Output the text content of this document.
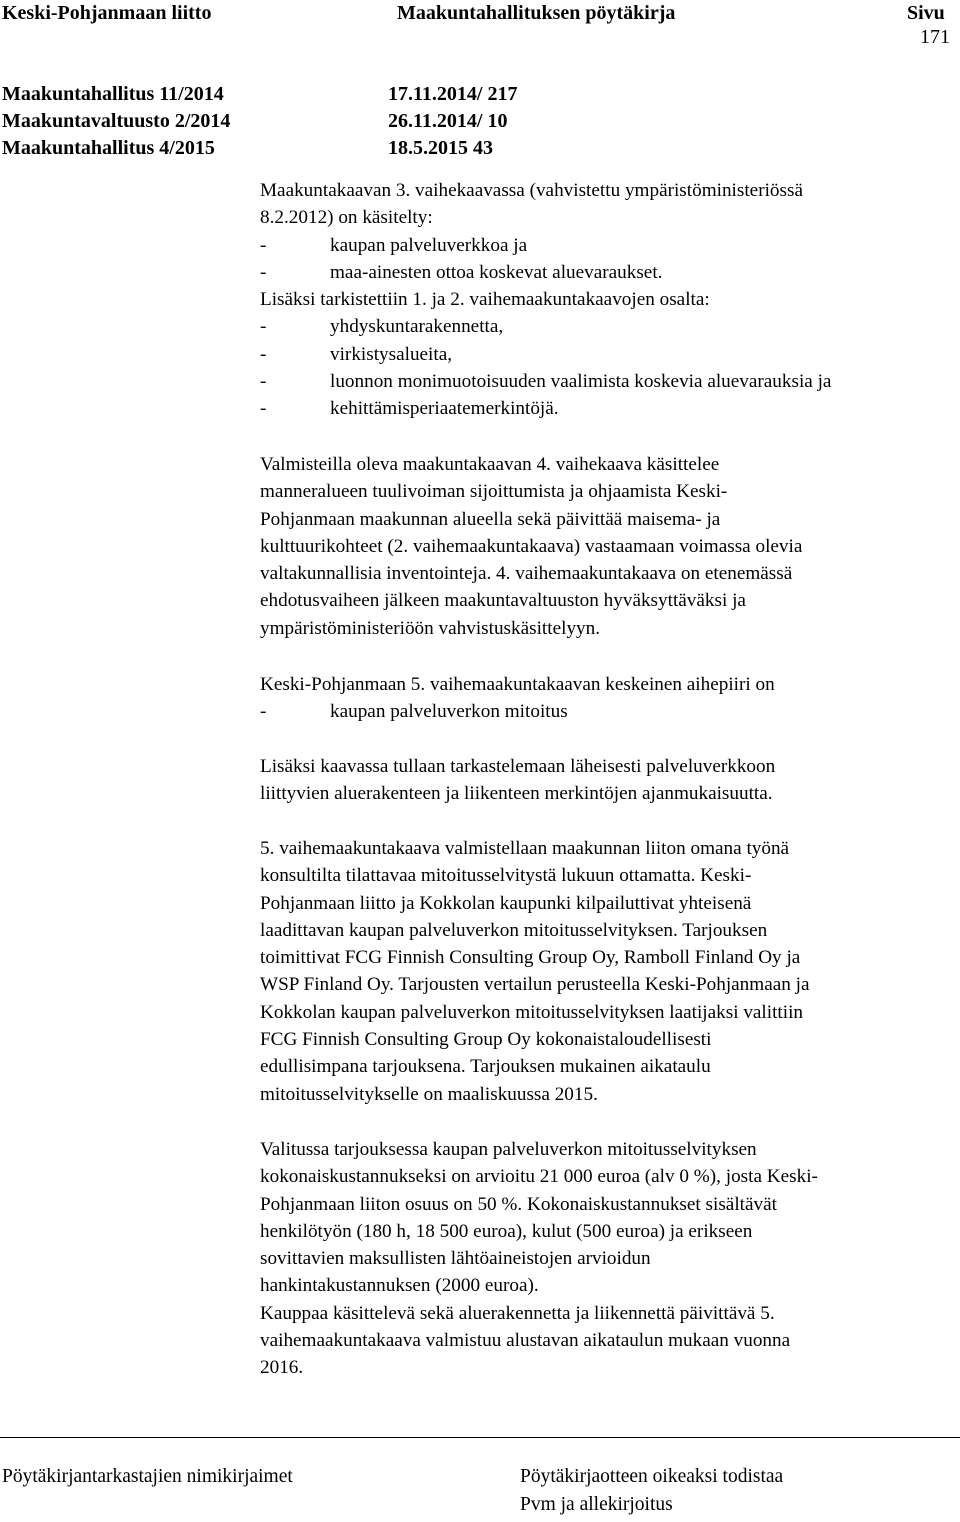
Keski-Pohjanmaan liitto	Maakuntahallituksen pöytäkirja	Sivu
171
Maakuntahallitus 11/2014	17.11.2014/ 217
Maakuntavaltuusto 2/2014	26.11.2014/ 10
Maakuntahallitus 4/2015	18.5.2015 43

Maakuntakaavan 3. vaihekaavassa (vahvistettu ympäristöministeriössä

8.2.2012) on käsitelty:

-	kaupan palveluverkkoa ja

-	maa-ainesten ottoa koskevat aluevaraukset.

Lisäksi tarkistettiin 1. ja 2. vaihemaakuntakaavojen osalta:

-	yhdyskuntarakennetta,

-	virkistysalueita,

-	luonnon monimuotoisuuden vaalimista koskevia aluevarauksia ja

-	kehittämisperiaatemerkintöjä.

Valmisteilla oleva maakuntakaavan 4. vaihekaava käsittelee

manneralueen tuulivoiman sijoittumista ja ohjaamista Keski-

Pohjanmaan maakunnan alueella sekä päivittää maisema- ja

kulttuurikohteet (2. vaihemaakuntakaava) vastaamaan voimassa olevia

valtakunnallisia inventointeja. 4. vaihemaakuntakaava on etenemässä

ehdotusvaiheen jälkeen maakuntavaltuuston hyväksyttäväksi ja

ympäristöministeriöön vahvistuskäsittelyyn.

Keski-Pohjanmaan 5. vaihemaakuntakaavan keskeinen aihepiiri on

-	kaupan palveluverkon mitoitus

Lisäksi kaavassa tullaan tarkastelemaan läheisesti palveluverkkoon

liittyvien aluerakenteen ja liikenteen merkintöjen ajanmukaisuutta.

5. vaihemaakuntakaava valmistellaan maakunnan liiton omana työnä

konsultilta tilattavaa mitoitusselvitystä lukuun ottamatta. Keski-

Pohjanmaan liitto ja Kokkolan kaupunki kilpailuttivat yhteisenä

laadittavan kaupan palveluverkon mitoitusselvityksen. Tarjouksen

toimittivat FCG Finnish Consulting Group Oy, Ramboll Finland Oy ja

WSP Finland Oy. Tarjousten vertailun perusteella Keski-Pohjanmaan ja

Kokkolan kaupan palveluverkon mitoitusselvityksen laatijaksi valittiin

FCG Finnish Consulting Group Oy kokonaistaloudellisesti

edullisimpana tarjouksena. Tarjouksen mukainen aikataulu

mitoitusselvitykselle on maaliskuussa 2015.

Valitussa tarjouksessa kaupan palveluverkon mitoitusselvityksen

kokonaiskustannukseksi on arvioitu 21 000 euroa (alv 0 %), josta Keski-

Pohjanmaan liiton osuus on 50 %. Kokonaiskustannukset sisältävät

henkilötyön (180 h, 18 500 euroa), kulut (500 euroa) ja erikseen

sovittavien maksullisten lähtöaineistojen arvioidun

hankintakustannuksen (2000 euroa).

Kauppaa käsittelevä sekä aluerakennetta ja liikennettä päivittävä 5.

vaihemaakuntakaava valmistuu alustavan aikataulun mukaan vuonna

2016.

Pöytäkirjantarkastajien nimikirjaimet	Pöytäkirjaotteen oikeaksi todistaa
Pvm ja allekirjoitus
